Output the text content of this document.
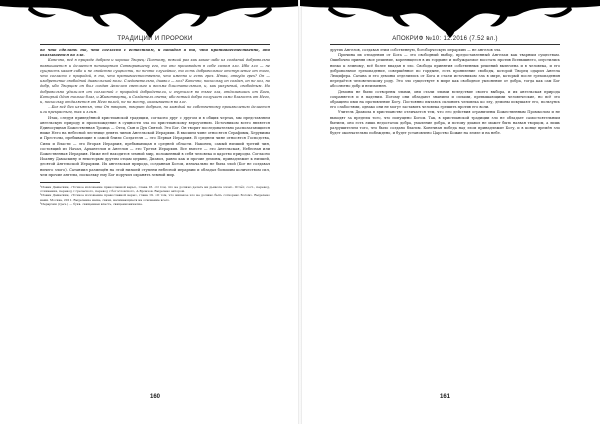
ТРАДИЦИИ И ПРОРОКИ

во что сделать то, что согласно с естеством, и попадая в то, что противоестественно, оно оказывается во зле.

Конечно, всё в природе добром и хорошо Творец: Поэтому, всякий раз как какое-либо из созданий добровольно возвышается и делается непокорным Сотворившему его, то оно производит в себе самом зло. Ибо зло — не сущность какая-либо и не свойство сущности, но нечто случайное, то есть добровольное отступление от того, что согласно с природой, в то, что противоестественно, что именно и есть грех. Итак, откуда грех? Он — изобретение свободной диавольской воли. Следовательно, диавол — зол? Конечно, поскольку он создан, он не зол, но добр, ибо Творцом он был создан Ангелом светлым и весьма блистательным, и, как разумный, свободным. Но добровольно удалился от согласной с природой добродетели, и очутился во тьме зла, отдалившись от Бога, Который Один только благ, и Животворящ, и Создатель света; ибо всякий добро получает само благость от Него, и, поскольку отдаляется от Него волей, не по месту, оказывается во зле.

…Бог всё без изъятья, что Он творит, творит добрым, но каждый по собственному произволению делается или прекрасным, так и злым.

Итак, следуя приведённой христианской традиции, согласно друг с другом и в общих чертах, мы представляем ангельскую природу и происхождение в сущности зла по христианскому вероучению. Источником всего является Единосущная Божественная Троица — Отец, Сын и Дух Святой. Это Бог. Он творит последовательно располагающиеся ниже Него на небесной лестнице девять чинов Ангельской Иерархии. В высшем чине относятся Серафимы, Херувимы и Престолы, пребывающие в самой близи Создателя — это Первая Иерархия. В среднем чине относятся Господства, Силы и Власти — это Вторая Иерархия, пребывающая в средней области. Наконец, самый низший третий чин, состоящий из Начал, Архангелов и Ангелов — это Третья Иерархия. Все вместе — это Ангельская, Небесная или Божественная Иерархия. Ниже неё находится земной мир, положенный в себя человека и царство природы. Согласно Иоанну Дамаскину и некоторым другим отцам церкви, Диавол, равно как и прочие демоны, принадлежит к низшей, десятой Ангельской Иерархии. Их ангельская природа, созданная Богом, изначально не была злой (Бог не создавал ничего злого). Сатаниил размещён на этой низшей ступени небесной иерархии и обладал большим количеством сил, чем прочие ангелы, поскольку ему Бог поручил охранять земной мир.

¹Иоанн Дамаскин, «Точное изложение православной веры», глава 16. «О том, что не должно делать ни дьявола злом». Отчёт, сост., перевод, сочинения, перевод с греческого, перевод с богословского, А.Бронзов. Выделено автором.

²Иоанн Дамаскин, «Точное изложение православной веры», глава 19. «О том, что никакое зло не должно быть сотворено Богом». Выделено нами. Москва, 2011. Выделение наше, связи, начинающиеся на основание всего.

³Иерархия (греч.) — букв. священная власть, священноначалие.

160
АПОКРИФ №10: 12.2016 (7.52 вл.)

других Ангелов, создавая этим собственную, богоборческую иерархию — не ангелов зла.

Причина их отпадения от Бога — это свободный выбор, предоставленный Ангелам как тварным существам. Ошибочно приняв свое решение, коренящееся в их гордыне и побуждаемое восстать против Всевышнего, опустились низко к земному, всё более впадая в зло. Свобода принятия собственных решений включена и в человека, и его добровольное грехопадение, совершённое по гордыне, есть проявление свободы, которой Творец одарил Ангела Люцифера. Сатана и его демоны отделились от Бога и стали источником зла в мире, который после грехопадения передаётся человеческому роду. Это зло существует в мире как свободное уклонение от добра, тогда как сам Бог абсолютно добр и неизменен.

Демоны не были сотворены злыми, они стали злыми вследствие своего выбора, и их ангельская природа сохраняется и в падении. Потому они обладают знанием и силами, превышающими человеческие, но всё это обращено ими на противление Богу. Постоянно пытаясь склонить человека ко злу, демоны искушают его, пользуясь его слабостями, однако они не могут заставить человека грешить против его воли.

Учитель Диавола в христианстве отличается тем, что его действия ограничены Божественным Промыслом и не выходят за пределы того, что попущено Богом. Так, в христианской традиции зло не обладает самостоятельным бытием, оно есть лишь недостаток добра, умаление добра, и потому диавол не может быть назван творцом, а лишь разрушителем того, что было создано благим. Конечная победа над злом принадлежит Богу, и в конце времён зло будет окончательно побеждено, и будет установлено Царство Божие на земле и на небе.

161
